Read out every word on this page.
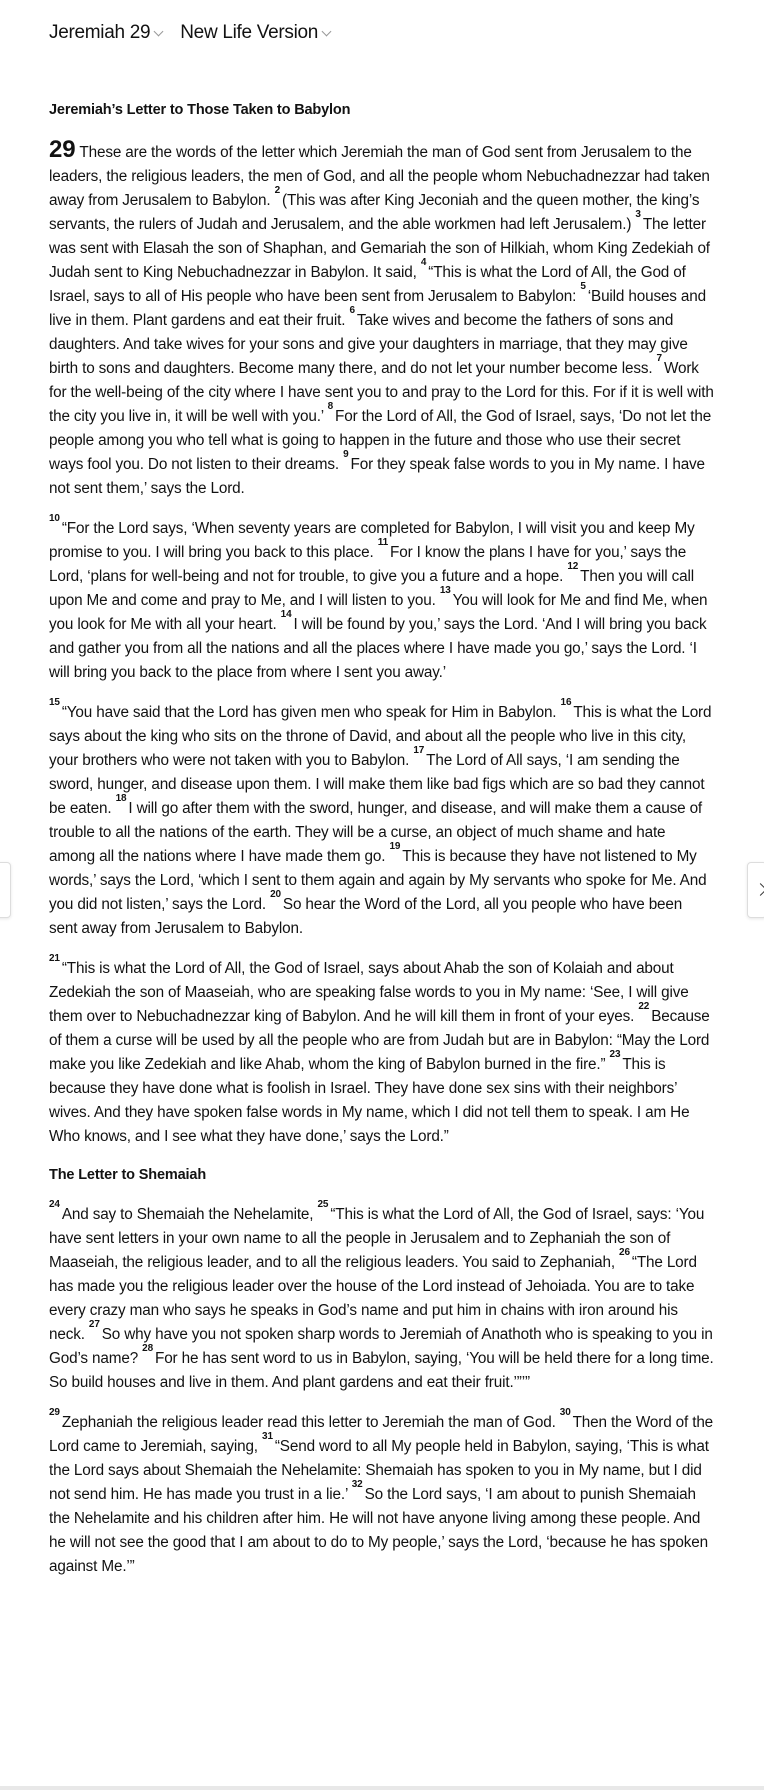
Jeremiah 29 New Life Version
Jeremiah’s Letter to Those Taken to Babylon

29 These are the words of the letter which Jeremiah the man of God sent from Jerusalem to the leaders, the religious leaders, the men of God, and all the people whom Nebuchadnezzar had taken away from Jerusalem to Babylon. $^2$(This was after King Jeconiah and the queen mother, the king’s servants, the rulers of Judah and Jerusalem, and the able workmen had left Jerusalem.) $^3$The letter was sent with Elasah the son of Shaphan, and Gemariah the son of Hilkiah, whom King Zedekiah of Judah sent to King Nebuchadnezzar in Babylon. It said, $^4$“This is what the Lord of All, the God of Israel, says to all of His people who have been sent from Jerusalem to Babylon: $^5$‘Build houses and live in them. Plant gardens and eat their fruit. $^6$Take wives and become the fathers of sons and daughters. And take wives for your sons and give your daughters in marriage, that they may give birth to sons and daughters. Become many there, and do not let your number become less. $^7$Work for the well-being of the city where I have sent you to and pray to the Lord for this. For if it is well with the city you live in, it will be well with you.’ $^8$For the Lord of All, the God of Israel, says, ‘Do not let the people among you who tell what is going to happen in the future and those who use their secret ways fool you. Do not listen to their dreams. $^9$For they speak false words to you in My name. I have not sent them,’ says the Lord.

$^{10}$“For the Lord says, ‘When seventy years are completed for Babylon, I will visit you and keep My promise to you. I will bring you back to this place. $^{11}$For I know the plans I have for you,’ says the Lord, ‘plans for well-being and not for trouble, to give you a future and a hope. $^{12}$Then you will call upon Me and come and pray to Me, and I will listen to you. $^{13}$You will look for Me and find Me, when you look for Me with all your heart. $^{14}$I will be found by you,’ says the Lord. ‘And I will bring you back and gather you from all the nations and all the places where I have made you go,’ says the Lord. ‘I will bring you back to the place from where I sent you away.’

$^{15}$“You have said that the Lord has given men who speak for Him in Babylon. $^{16}$This is what the Lord says about the king who sits on the throne of David, and about all the people who live in this city, your brothers who were not taken with you to Babylon. $^{17}$The Lord of All says, ‘I am sending the sword, hunger, and disease upon them. I will make them like bad figs which are so bad they cannot be eaten. $^{18}$I will go after them with the sword, hunger, and disease, and will make them a cause of trouble to all the nations of the earth. They will be a curse, an object of much shame and hate among all the nations where I have made them go. $^{19}$This is because they have not listened to My words,’ says the Lord, ‘which I sent to them again and again by My servants who spoke for Me. And you did not listen,’ says the Lord. $^{20}$So hear the Word of the Lord, all you people who have been sent away from Jerusalem to Babylon.

$^{21}$“This is what the Lord of All, the God of Israel, says about Ahab the son of Kolaiah and about Zedekiah the son of Maaseiah, who are speaking false words to you in My name: ‘See, I will give them over to Nebuchadnezzar king of Babylon. And he will kill them in front of your eyes. $^{22}$Because of them a curse will be used by all the people who are from Judah but are in Babylon: “May the Lord make you like Zedekiah and like Ahab, whom the king of Babylon burned in the fire.” $^{23}$This is because they have done what is foolish in Israel. They have done sex sins with their neighbors’ wives. And they have spoken false words in My name, which I did not tell them to speak. I am He Who knows, and I see what they have done,’ says the Lord.”

The Letter to Shemaiah

$^{24}$And say to Shemaiah the Nehelamite, $^{25}$“This is what the Lord of All, the God of Israel, says: ‘You have sent letters in your own name to all the people in Jerusalem and to Zephaniah the son of Maaseiah, the religious leader, and to all the religious leaders. You said to Zephaniah, $^{26}$“The Lord has made you the religious leader over the house of the Lord instead of Jehoiada. You are to take every crazy man who says he speaks in God’s name and put him in chains with iron around his neck. $^{27}$So why have you not spoken sharp words to Jeremiah of Anathoth who is speaking to you in God’s name? $^{28}$For he has sent word to us in Babylon, saying, ‘You will be held there for a long time. So build houses and live in them. And plant gardens and eat their fruit.’”’”

$^{29}$Zephaniah the religious leader read this letter to Jeremiah the man of God. $^{30}$Then the Word of the Lord came to Jeremiah, saying, $^{31}$“Send word to all My people held in Babylon, saying, ‘This is what the Lord says about Shemaiah the Nehelamite: Shemaiah has spoken to you in My name, but I did not send him. He has made you trust in a lie.’ $^{32}$So the Lord says, ‘I am about to punish Shemaiah the Nehelamite and his children after him. He will not have anyone living among these people. And he will not see the good that I am about to do to My people,’ says the Lord, ‘because he has spoken against Me.’”
